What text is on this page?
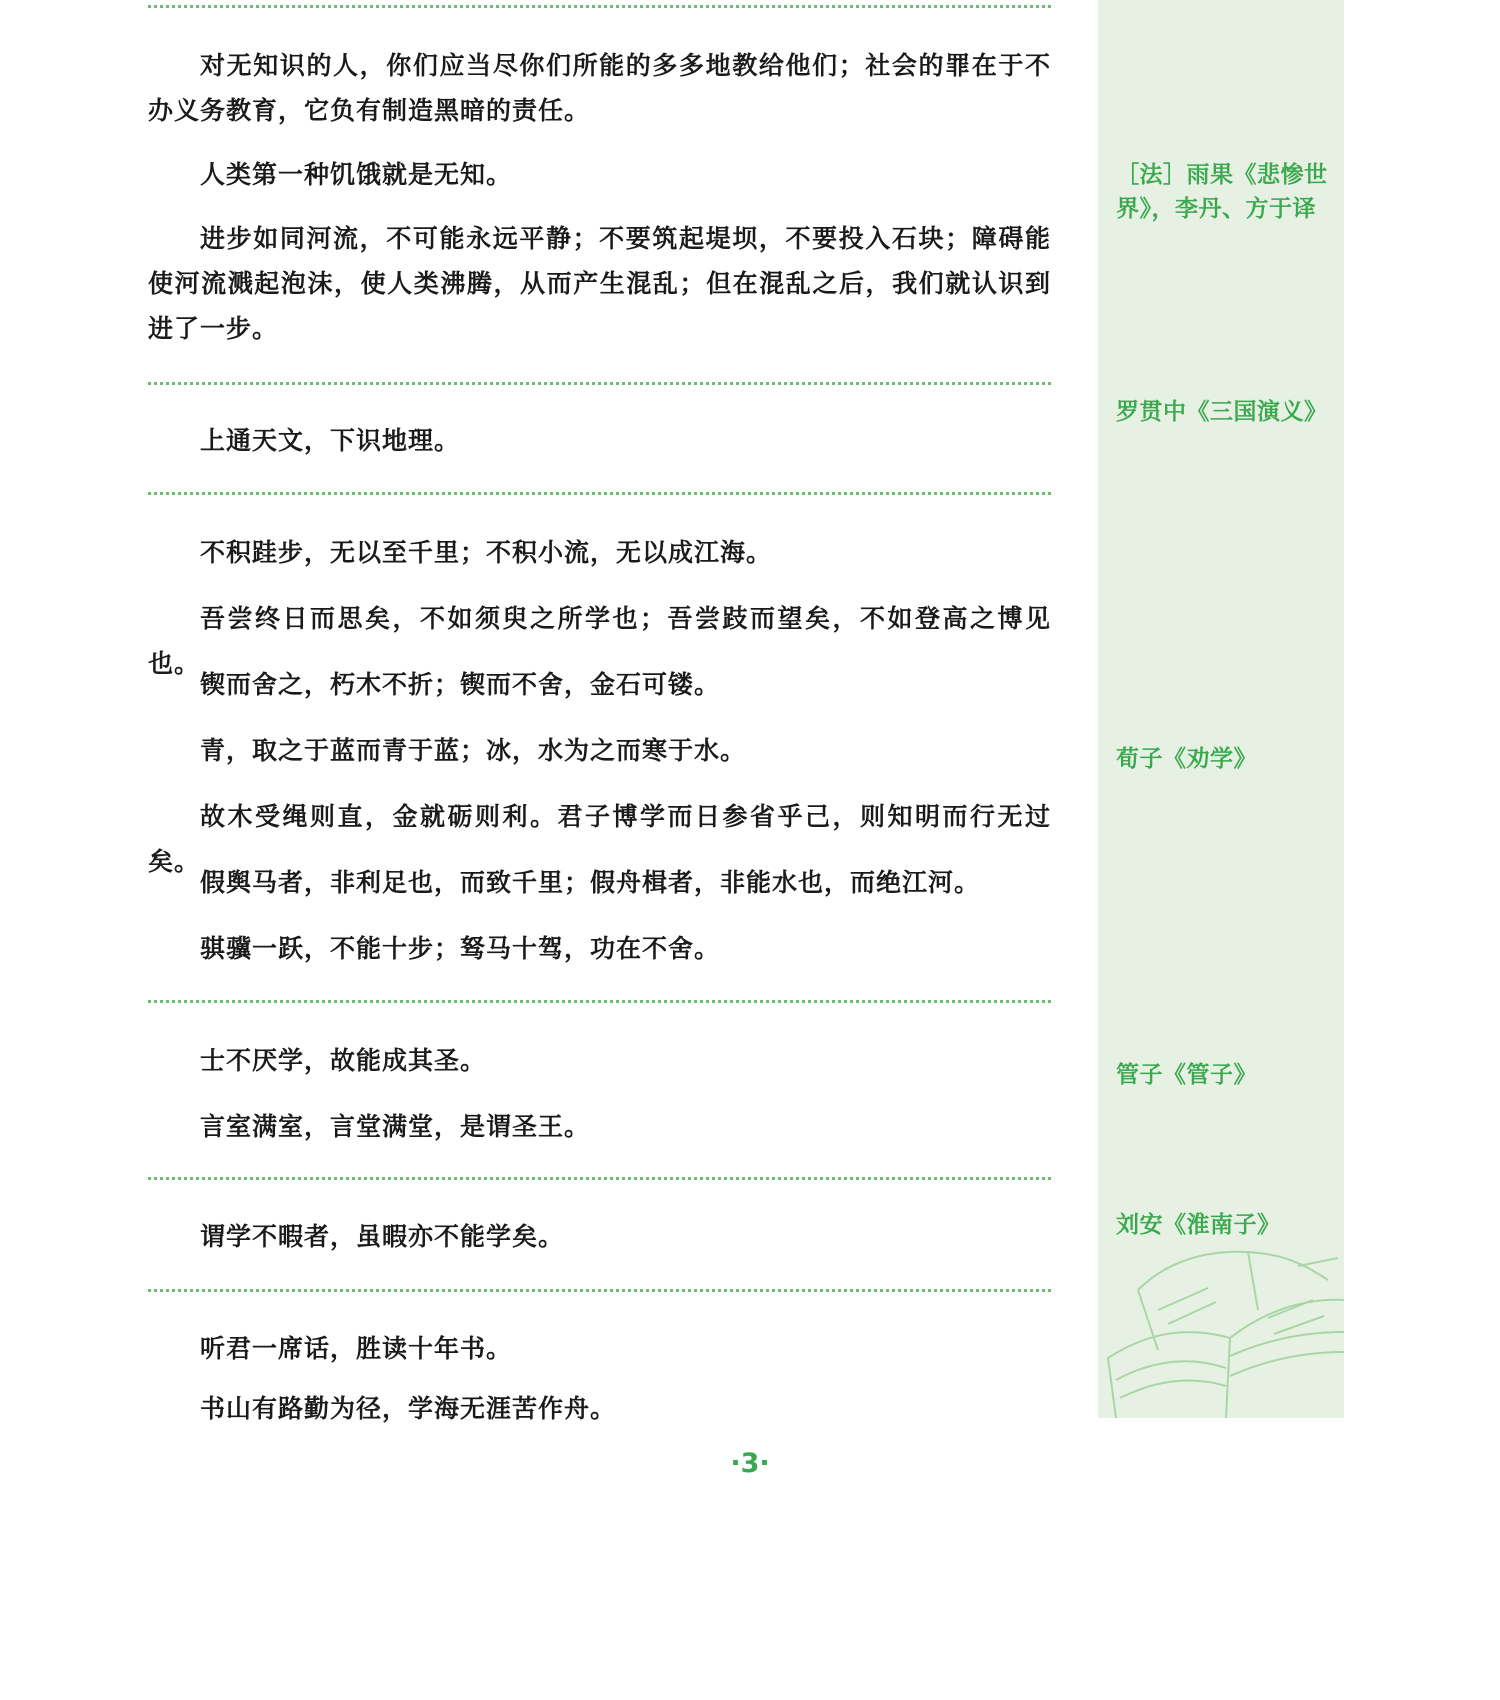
［法］雨果《悲惨世界》，李丹、方于译
罗贯中《三国演义》
荀子《劝学》
管子《管子》
刘安《淮南子》
对无知识的人，你们应当尽你们所能的多多地教给他们；社会的罪在于不办义务教育，它负有制造黑暗的责任。
人类第一种饥饿就是无知。
进步如同河流，不可能永远平静；不要筑起堤坝，不要投入石块；障碍能使河流溅起泡沫，使人类沸腾，从而产生混乱；但在混乱之后，我们就认识到进了一步。
上通天文，下识地理。
不积跬步，无以至千里；不积小流，无以成江海。
吾尝终日而思矣，不如须臾之所学也；吾尝跂而望矣，不如登高之博见也。
锲而舍之，朽木不折；锲而不舍，金石可镂。
青，取之于蓝而青于蓝；冰，水为之而寒于水。
故木受绳则直，金就砺则利。君子博学而日参省乎己，则知明而行无过矣。
假舆马者，非利足也，而致千里；假舟楫者，非能水也，而绝江河。
骐骥一跃，不能十步；驽马十驾，功在不舍。
士不厌学，故能成其圣。
言室满室，言堂满堂，是谓圣王。
谓学不暇者，虽暇亦不能学矣。
听君一席话，胜读十年书。
书山有路勤为径，学海无涯苦作舟。
·3·
